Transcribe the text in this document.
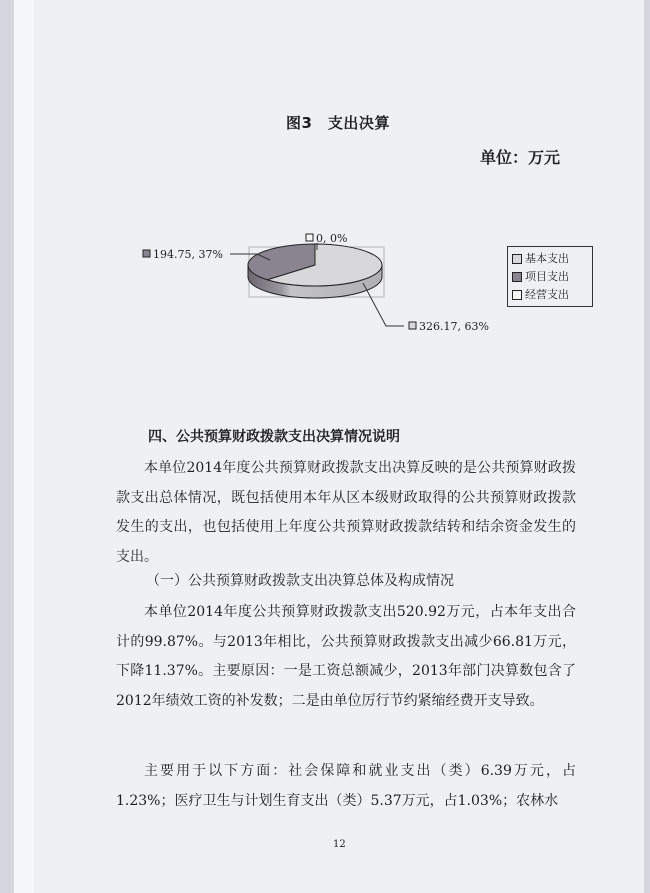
图3　支出决算
单位：万元
194.75, 37%
0, 0%
326.17, 63%
基本支出
项目支出
经营支出
四、公共预算财政拨款支出决算情况说明

本单位2014年度公共预算财政拨款支出决算反映的是公共预算财政拨款支出总体情况，既包括使用本年从区本级财政取得的公共预算财政拨款发生的支出，也包括使用上年度公共预算财政拨款结转和结余资金发生的支出。

（一）公共预算财政拨款支出决算总体及构成情况

本单位2014年度公共预算财政拨款支出520.92万元，占本年支出合计的99.87%。与2013年相比，公共预算财政拨款支出减少66.81万元，下降11.37%。主要原因：一是工资总额减少，2013年部门决算数包含了2012年绩效工资的补发数；二是由单位厉行节约紧缩经费开支导致。

主要用于以下方面：社会保障和就业支出（类）6.39万元，占1.23%；医疗卫生与计划生育支出（类）5.37万元，占1.03%；农林水

12
